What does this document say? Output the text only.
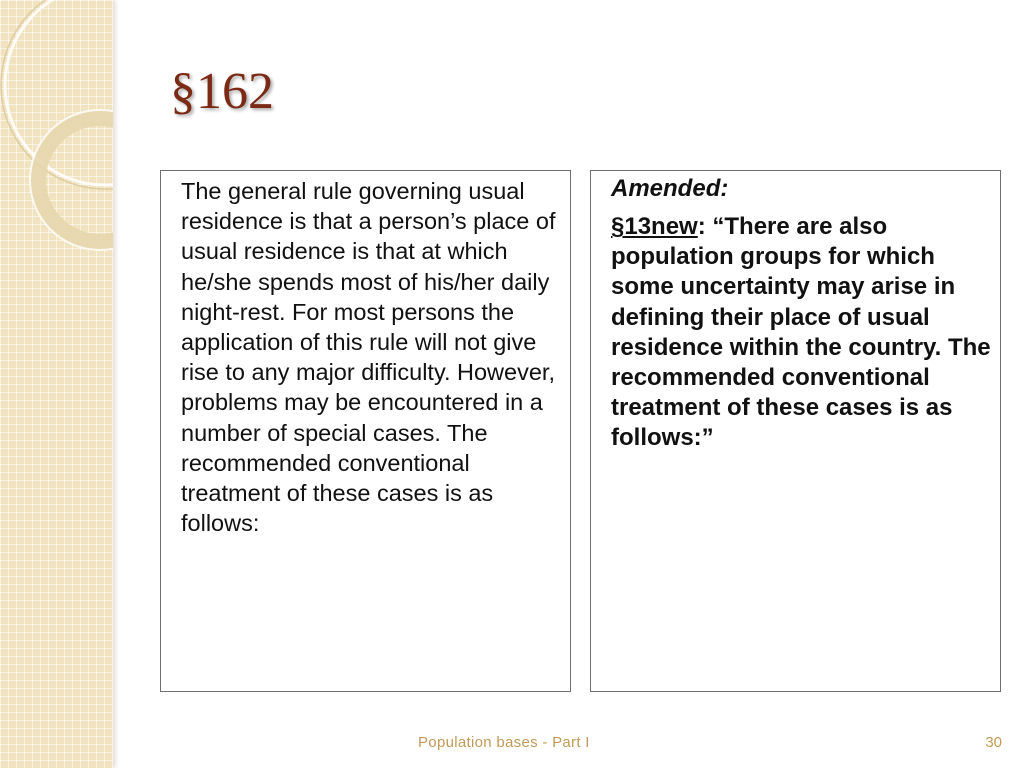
§162
The general rule governing usual residence is that a person’s place of usual residence is that at which he/she spends most of his/her daily night-rest. For most persons the application of this rule will not give rise to any major difficulty. However, problems may be encountered in a number of special cases. The recommended conventional treatment of these cases is as follows:
Amended:
§13new: “There are also population groups for which some uncertainty may arise in defining their place of usual residence within the country. The recommended conventional treatment of these cases is as follows:”
Population bases - Part I	30
